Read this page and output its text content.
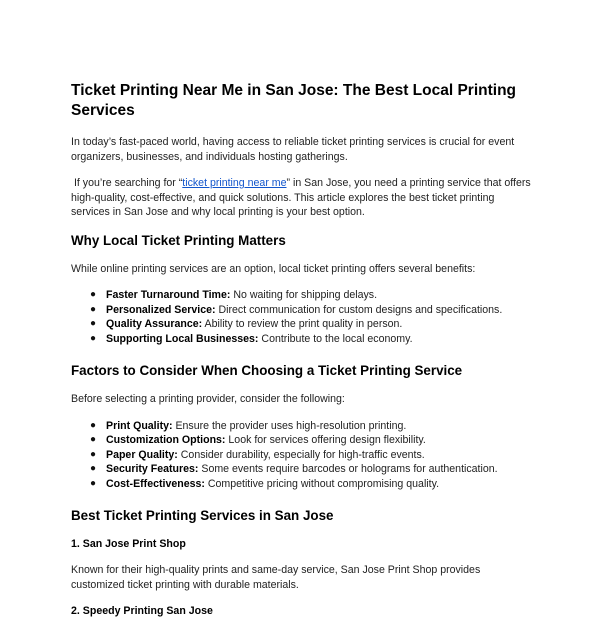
Ticket Printing Near Me in San Jose: The Best Local Printing Services

In today’s fast-paced world, having access to reliable ticket printing services is crucial for event organizers, businesses, and individuals hosting gatherings.

If you’re searching for “ticket printing near me” in San Jose, you need a printing service that offers high-quality, cost-effective, and quick solutions. This article explores the best ticket printing services in San Jose and why local printing is your best option.

Why Local Ticket Printing Matters

While online printing services are an option, local ticket printing offers several benefits:

● Faster Turnaround Time: No waiting for shipping delays.
● Personalized Service: Direct communication for custom designs and specifications.
● Quality Assurance: Ability to review the print quality in person.
● Supporting Local Businesses: Contribute to the local economy.
Factors to Consider When Choosing a Ticket Printing Service

Before selecting a printing provider, consider the following:

● Print Quality: Ensure the provider uses high-resolution printing.
● Customization Options: Look for services offering design flexibility.
● Paper Quality: Consider durability, especially for high-traffic events.
● Security Features: Some events require barcodes or holograms for authentication.
● Cost-Effectiveness: Competitive pricing without compromising quality.
Best Ticket Printing Services in San Jose
1. San Jose Print Shop

Known for their high-quality prints and same-day service, San Jose Print Shop provides customized ticket printing with durable materials.

2. Speedy Printing San Jose
